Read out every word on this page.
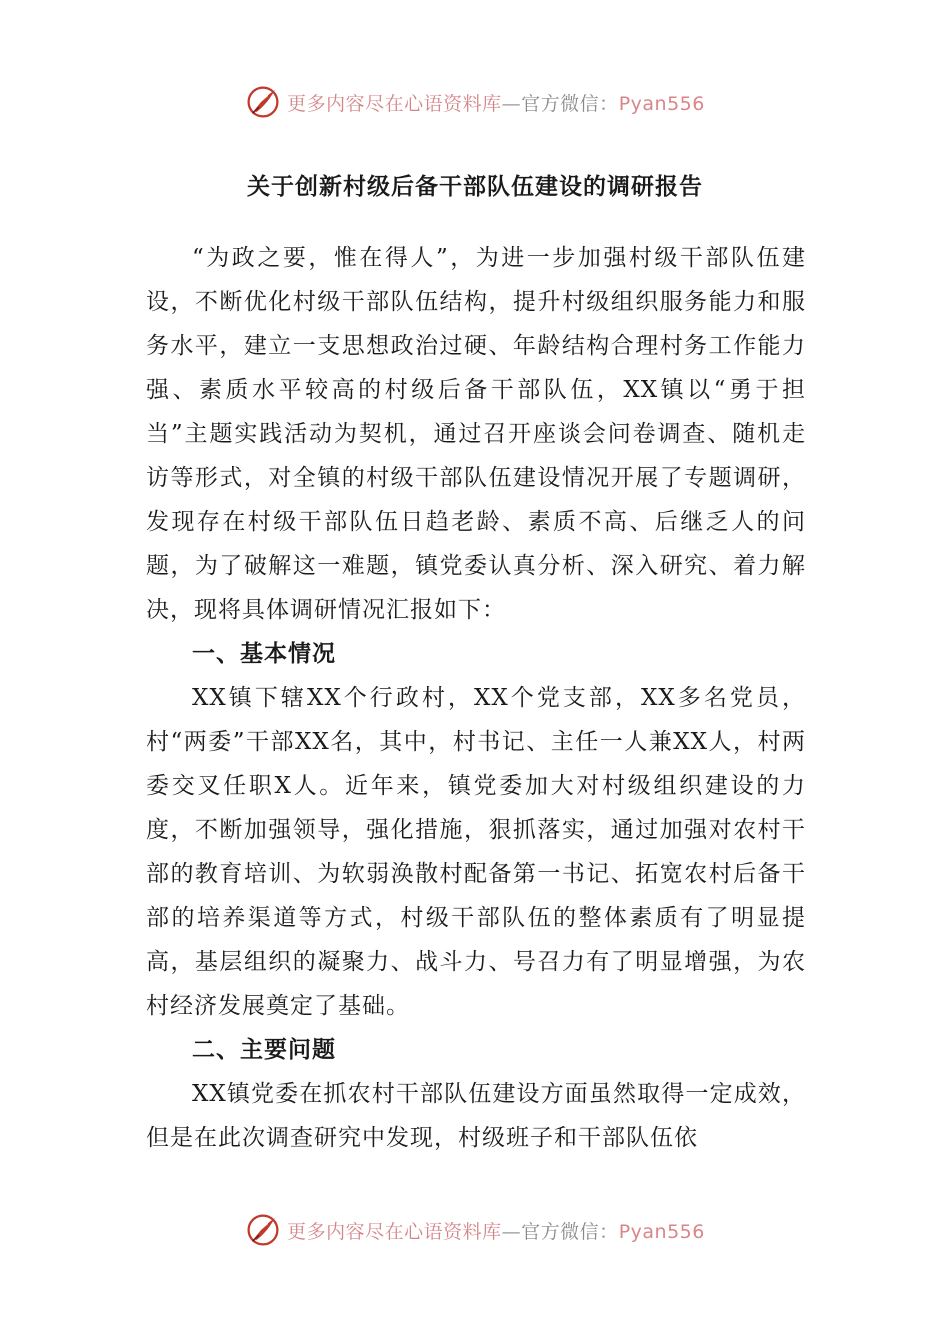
更多内容尽在心语资料库—官方微信：Pyan556
关于创新村级后备干部队伍建设的调研报告

“为政之要，惟在得人”，为进一步加强村级干部队伍建设，不断优化村级干部队伍结构，提升村级组织服务能力和服务水平，建立一支思想政治过硬、年龄结构合理村务工作能力强、素质水平较高的村级后备干部队伍，XX镇以“勇于担当”主题实践活动为契机，通过召开座谈会问卷调查、随机走访等形式，对全镇的村级干部队伍建设情况开展了专题调研，发现存在村级干部队伍日趋老龄、素质不高、后继乏人的问题，为了破解这一难题，镇党委认真分析、深入研究、着力解决，现将具体调研情况汇报如下：

一、基本情况

XX镇下辖XX个行政村，XX个党支部，XX多名党员，村“两委”干部XX名，其中，村书记、主任一人兼XX人，村两委交叉任职X人。近年来，镇党委加大对村级组织建设的力度，不断加强领导，强化措施，狠抓落实，通过加强对农村干部的教育培训、为软弱涣散村配备第一书记、拓宽农村后备干部的培养渠道等方式，村级干部队伍的整体素质有了明显提高，基层组织的凝聚力、战斗力、号召力有了明显增强，为农村经济发展奠定了基础。

二、主要问题

XX镇党委在抓农村干部队伍建设方面虽然取得一定成效，但是在此次调查研究中发现，村级班子和干部队伍依

更多内容尽在心语资料库—官方微信：Pyan556
